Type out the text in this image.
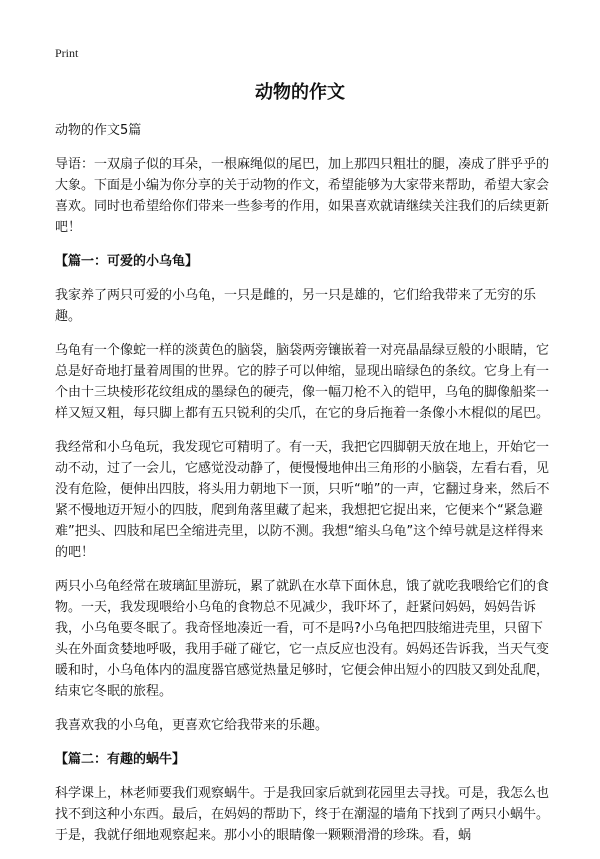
Print
动物的作文

动物的作文5篇

导语：一双扇子似的耳朵，一根麻绳似的尾巴，加上那四只粗壮的腿，凑成了胖乎乎的大象。下面是小编为你分享的关于动物的作文，希望能够为大家带来帮助，希望大家会喜欢。同时也希望给你们带来一些参考的作用，如果喜欢就请继续关注我们的后续更新吧！

【篇一：可爱的小乌龟】

我家养了两只可爱的小乌龟，一只是雌的，另一只是雄的，它们给我带来了无穷的乐趣。

乌龟有一个像蛇一样的淡黄色的脑袋，脑袋两旁镶嵌着一对亮晶晶绿豆般的小眼睛，它总是好奇地打量着周围的世界。它的脖子可以伸缩，显现出暗绿色的条纹。它身上有一个由十三块棱形花纹组成的墨绿色的硬壳，像一幅刀枪不入的铠甲，乌龟的脚像船桨一样又短又粗，每只脚上都有五只锐利的尖爪，在它的身后拖着一条像小木棍似的尾巴。

我经常和小乌龟玩，我发现它可精明了。有一天，我把它四脚朝天放在地上，开始它一动不动，过了一会儿，它感觉没动静了，便慢慢地伸出三角形的小脑袋，左看右看，见没有危险，便伸出四肢，将头用力朝地下一顶，只听“啪”的一声，它翻过身来，然后不紧不慢地迈开短小的四肢，爬到角落里藏了起来，我想把它捉出来，它便来个“紧急避难”把头、四肢和尾巴全缩进壳里，以防不测。我想“缩头乌龟”这个绰号就是这样得来的吧！

两只小乌龟经常在玻璃缸里游玩，累了就趴在水草下面休息，饿了就吃我喂给它们的食物。一天，我发现喂给小乌龟的食物总不见减少，我吓坏了，赶紧问妈妈，妈妈告诉我，小乌龟要冬眠了。我奇怪地凑近一看，可不是吗?小乌龟把四肢缩进壳里，只留下头在外面贪婪地呼吸，我用手碰了碰它，它一点反应也没有。妈妈还告诉我，当天气变暖和时，小乌龟体内的温度器官感觉热量足够时，它便会伸出短小的四肢又到处乱爬，结束它冬眠的旅程。

我喜欢我的小乌龟，更喜欢它给我带来的乐趣。

【篇二：有趣的蜗牛】

科学课上，林老师要我们观察蜗牛。于是我回家后就到花园里去寻找。可是，我怎么也找不到这种小东西。最后，在妈妈的帮助下，终于在潮湿的墙角下找到了两只小蜗牛。于是，我就仔细地观察起来。那小小的眼睛像一颗颗滑滑的珍珠。看，蜗
